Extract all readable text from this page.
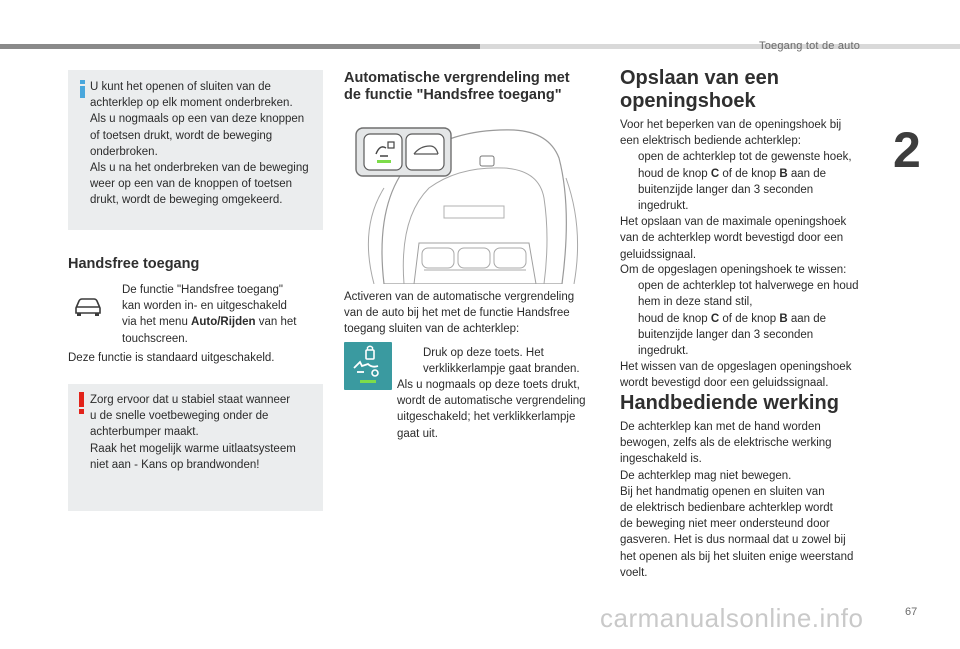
Toegang tot de auto
2
U kunt het openen of sluiten van de
achterklep op elk moment onderbreken.
Als u nogmaals op een van deze knoppen
of toetsen drukt, wordt de beweging
onderbroken.
Als u na het onderbreken van de beweging
weer op een van de knoppen of toetsen
drukt, wordt de beweging omgekeerd.
Handsfree toegang
De functie "Handsfree toegang"
kan worden in- en uitgeschakeld
via het menu Auto/Rijden van het
touchscreen.
Deze functie is standaard uitgeschakeld.
Zorg ervoor dat u stabiel staat wanneer
u de snelle voetbeweging onder de
achterbumper maakt.
Raak het mogelijk warme uitlaatsysteem
niet aan - Kans op brandwonden!
Automatische vergrendeling met
de functie "Handsfree toegang"
Activeren van de automatische vergrendeling
van de auto bij het met de functie Handsfree
toegang sluiten van de achterklep:
Druk op deze toets. Het
verklikkerlampje gaat branden.
Als u nogmaals op deze toets drukt,
wordt de automatische vergrendeling
uitgeschakeld; het verklikkerlampje
gaat uit.
Opslaan van een
openingshoek
Voor het beperken van de openingshoek bij
een elektrisch bediende achterklep:
open de achterklep tot de gewenste hoek,
houd de knop C of de knop B aan de
buitenzijde langer dan 3 seconden
ingedrukt.
Het opslaan van de maximale openingshoek
van de achterklep wordt bevestigd door een
geluidssignaal.
Om de opgeslagen openingshoek te wissen:
open de achterklep tot halverwege en houd
hem in deze stand stil,
houd de knop C of de knop B aan de
buitenzijde langer dan 3 seconden
ingedrukt.
Het wissen van de opgeslagen openingshoek
wordt bevestigd door een geluidssignaal.
Handbediende werking
De achterklep kan met de hand worden
bewogen, zelfs als de elektrische werking
ingeschakeld is.
De achterklep mag niet bewegen.
Bij het handmatig openen en sluiten van
de elektrisch bedienbare achterklep wordt
de beweging niet meer ondersteund door
gasveren. Het is dus normaal dat u zowel bij
het openen als bij het sluiten enige weerstand
voelt.
67
carmanualsonline.info
